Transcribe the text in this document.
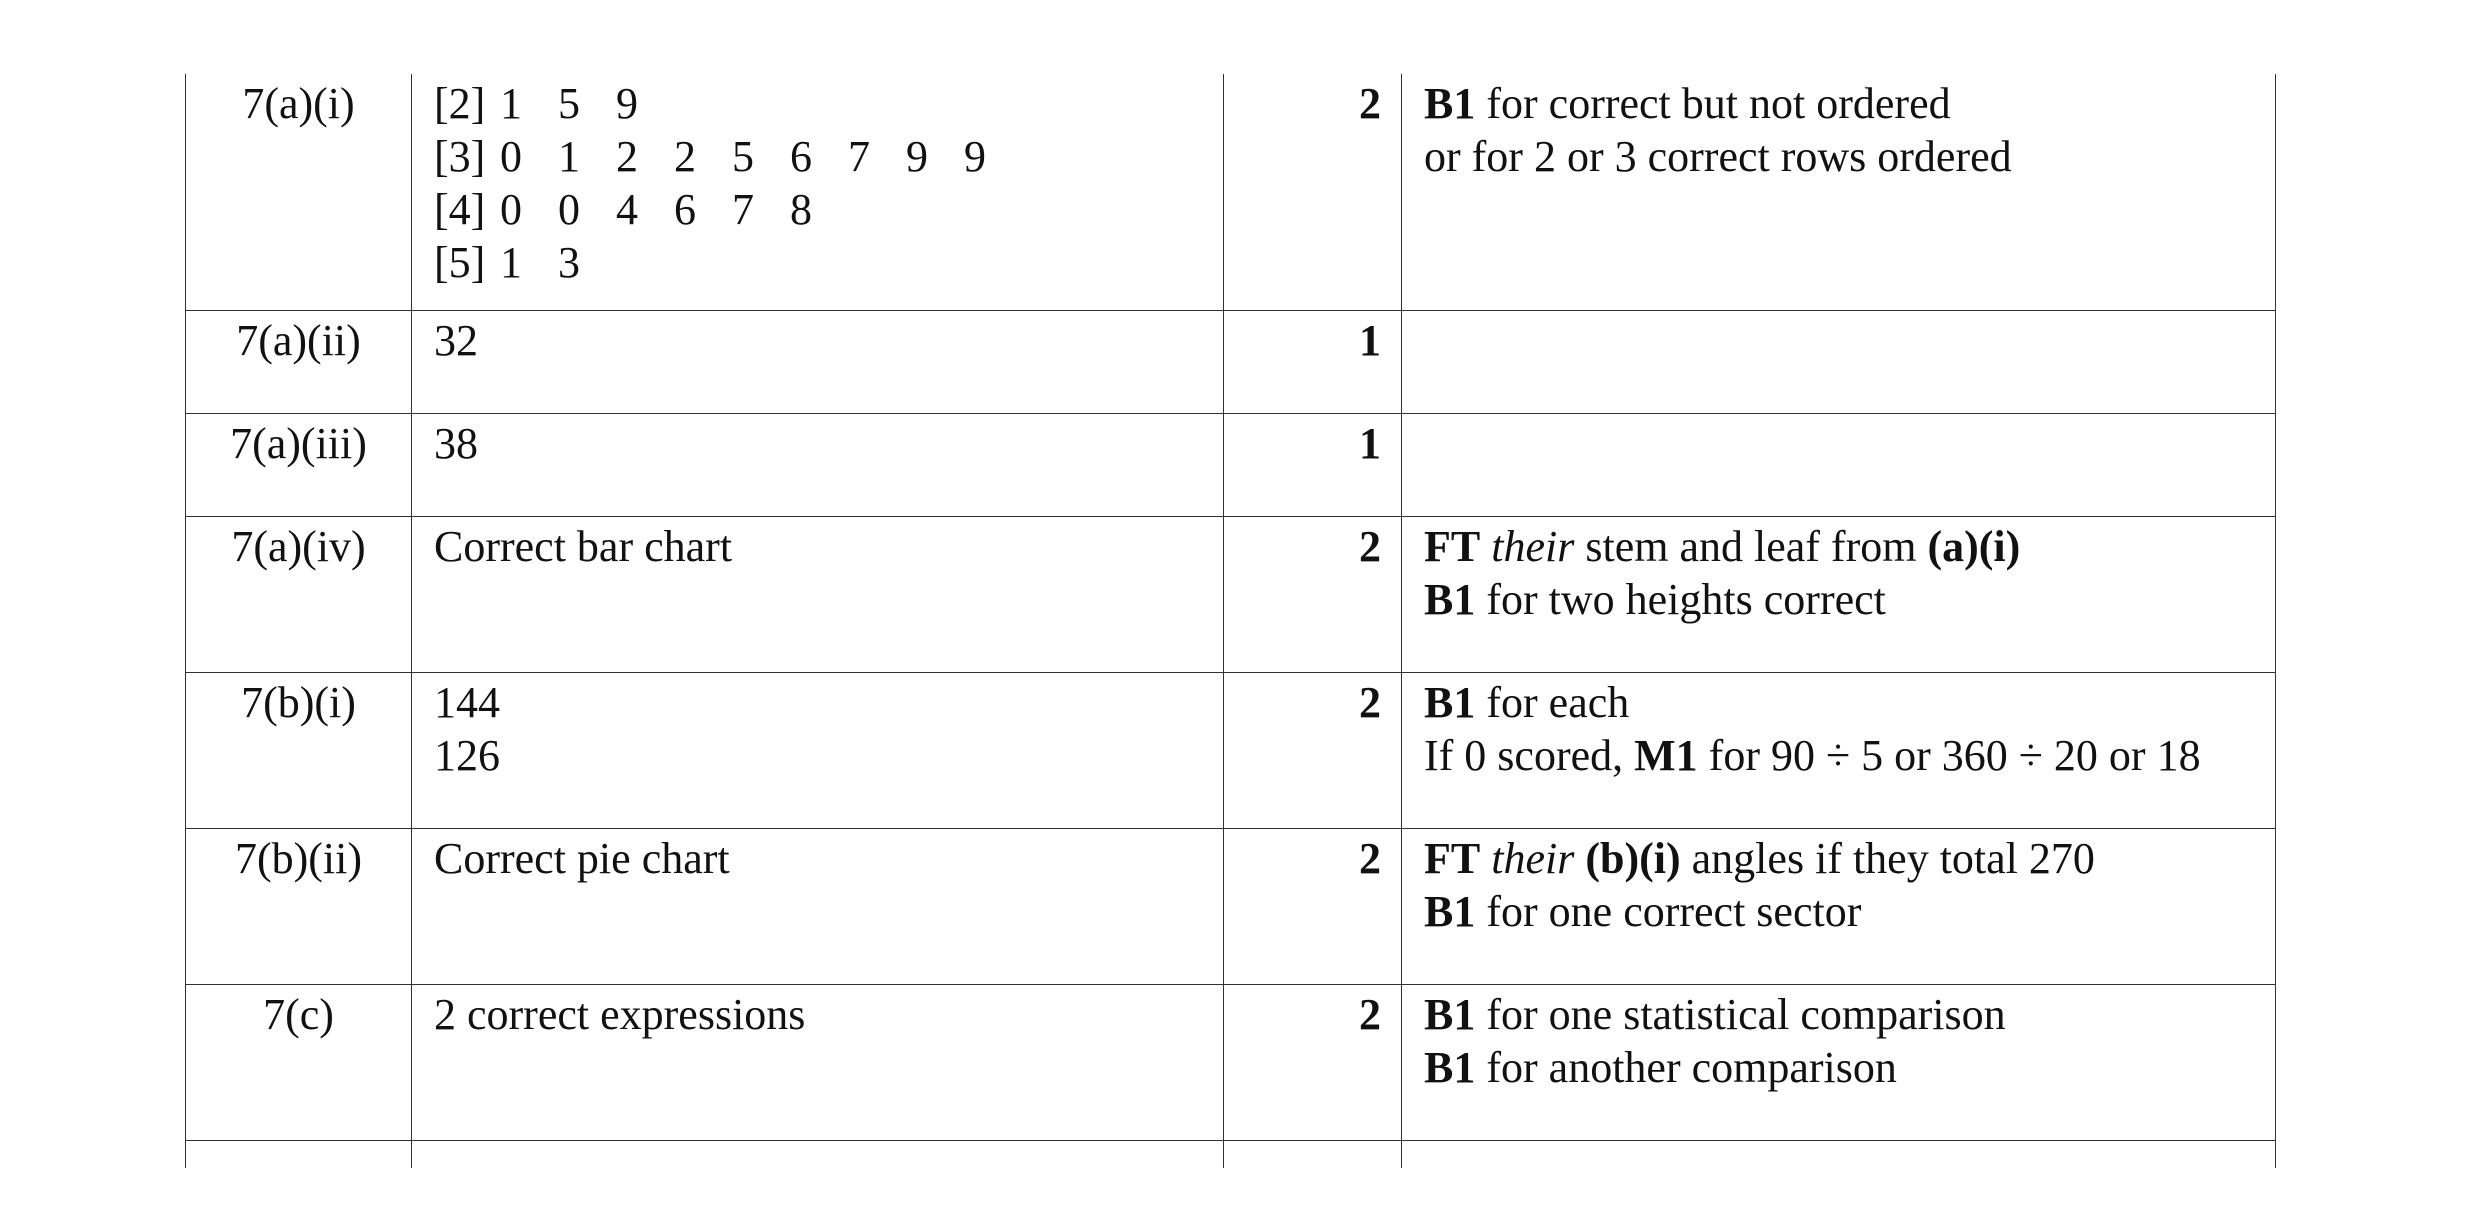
7(a)(i)	[2] 1 5 9
[3] 0 1 2 2 5 6 7 9 9
[4] 0 0 4 6 7 8
[5] 1 3	2	B1 for correct but not ordered
or for 2 or 3 correct rows ordered

7(a)(ii)	32	1	
7(a)(iii)	38	1	
7(a)(iv)	Correct bar chart	2	FT their stem and leaf from (a)(i)
B1 for two heights correct

7(b)(i)	144
126	2	B1 for each
If 0 scored, M1 for 90 ÷ 5 or 360 ÷ 20 or 18

7(b)(ii)	Correct pie chart	2	FT their (b)(i) angles if they total 270
B1 for one correct sector

7(c)	2 correct expressions	2	B1 for one statistical comparison
B1 for another comparison
